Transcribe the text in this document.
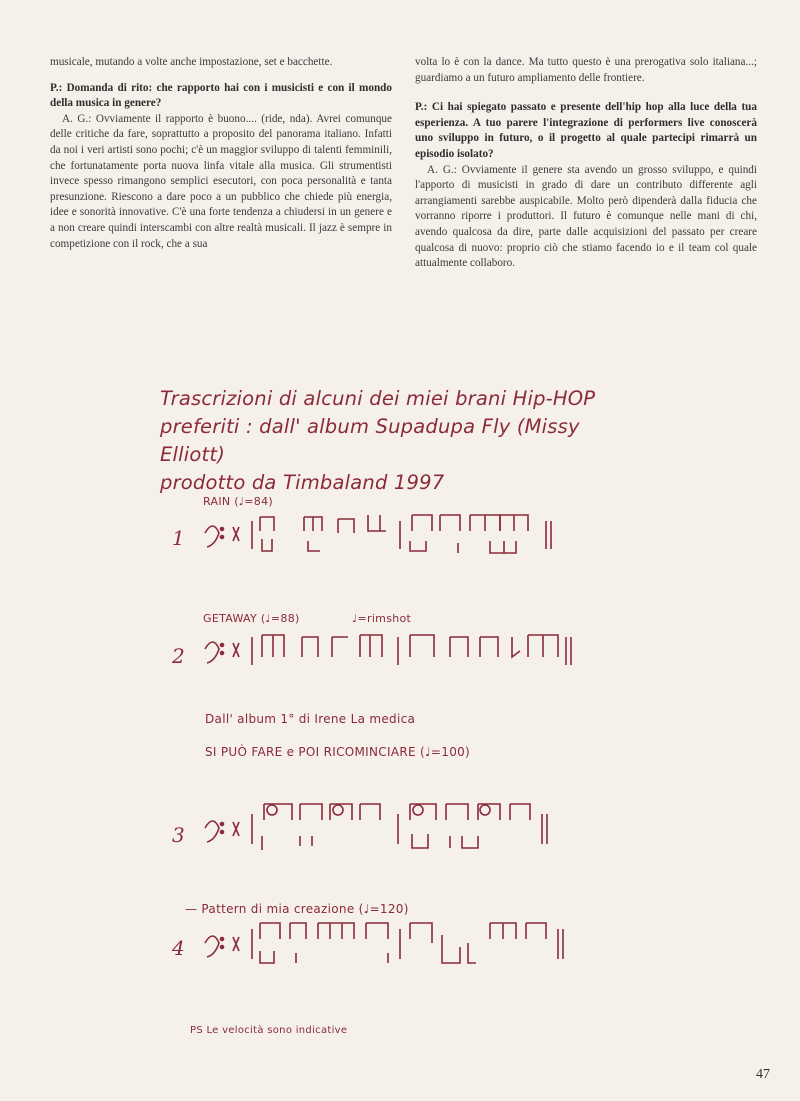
musicale, mutando a volte anche impostazione, set e bacchette.

P.: Domanda di rito: che rapporto hai con i musicisti e con il mondo della musica in genere?

A. G.: Ovviamente il rapporto è buono.... (ride, nda). Avrei comunque delle critiche da fare, soprattutto a proposito del panorama italiano. Infatti da noi i veri artisti sono pochi; c'è un maggior sviluppo di talenti femminili, che fortunatamente porta nuova linfa vitale alla musica. Gli strumentisti invece spesso rimangono semplici esecutori, con poca personalità e tanta presunzione. Riescono a dare poco a un pubblico che chiede più energia, idee e sonorità innovative. C'è una forte tendenza a chiudersi in un genere e a non creare quindi interscambi con altre realtà musicali. Il jazz è sempre in competizione con il rock, che a sua

volta lo è con la dance. Ma tutto questo è una prerogativa solo italiana...; guardiamo a un futuro ampliamento delle frontiere.

P.: Ci hai spiegato passato e presente dell'hip hop alla luce della tua esperienza. A tuo parere l'integrazione di performers live conoscerà uno sviluppo in futuro, o il progetto al quale partecipi rimarrà un episodio isolato?

A. G.: Ovviamente il genere sta avendo un grosso sviluppo, e quindi l'apporto di musicisti in grado di dare un contributo differente agli arrangiamenti sarebbe auspicabile. Molto però dipenderà dalla fiducia che vorranno riporre i produttori. Il futuro è comunque nelle mani di chi, avendo qualcosa da dire, parte dalle acquisizioni del passato per creare qualcosa di nuovo: proprio ciò che stiamo facendo io e il team col quale attualmente collaboro.

Trascrizioni di alcuni dei miei brani Hip-HOP
preferiti : dall' album Supadupa Fly (Missy Elliott)
prodotto da Timbaland 1997
RAIN (♩=84)
1
GETAWAY (♩=88)	♩=rimshot
2
Dall' album 1° di Irene La medica
SI PUÒ FARE e POI RICOMINCIARE (♩=100)
3
— Pattern di mia creazione (♩=120)
4
PS Le velocità sono indicative
47
